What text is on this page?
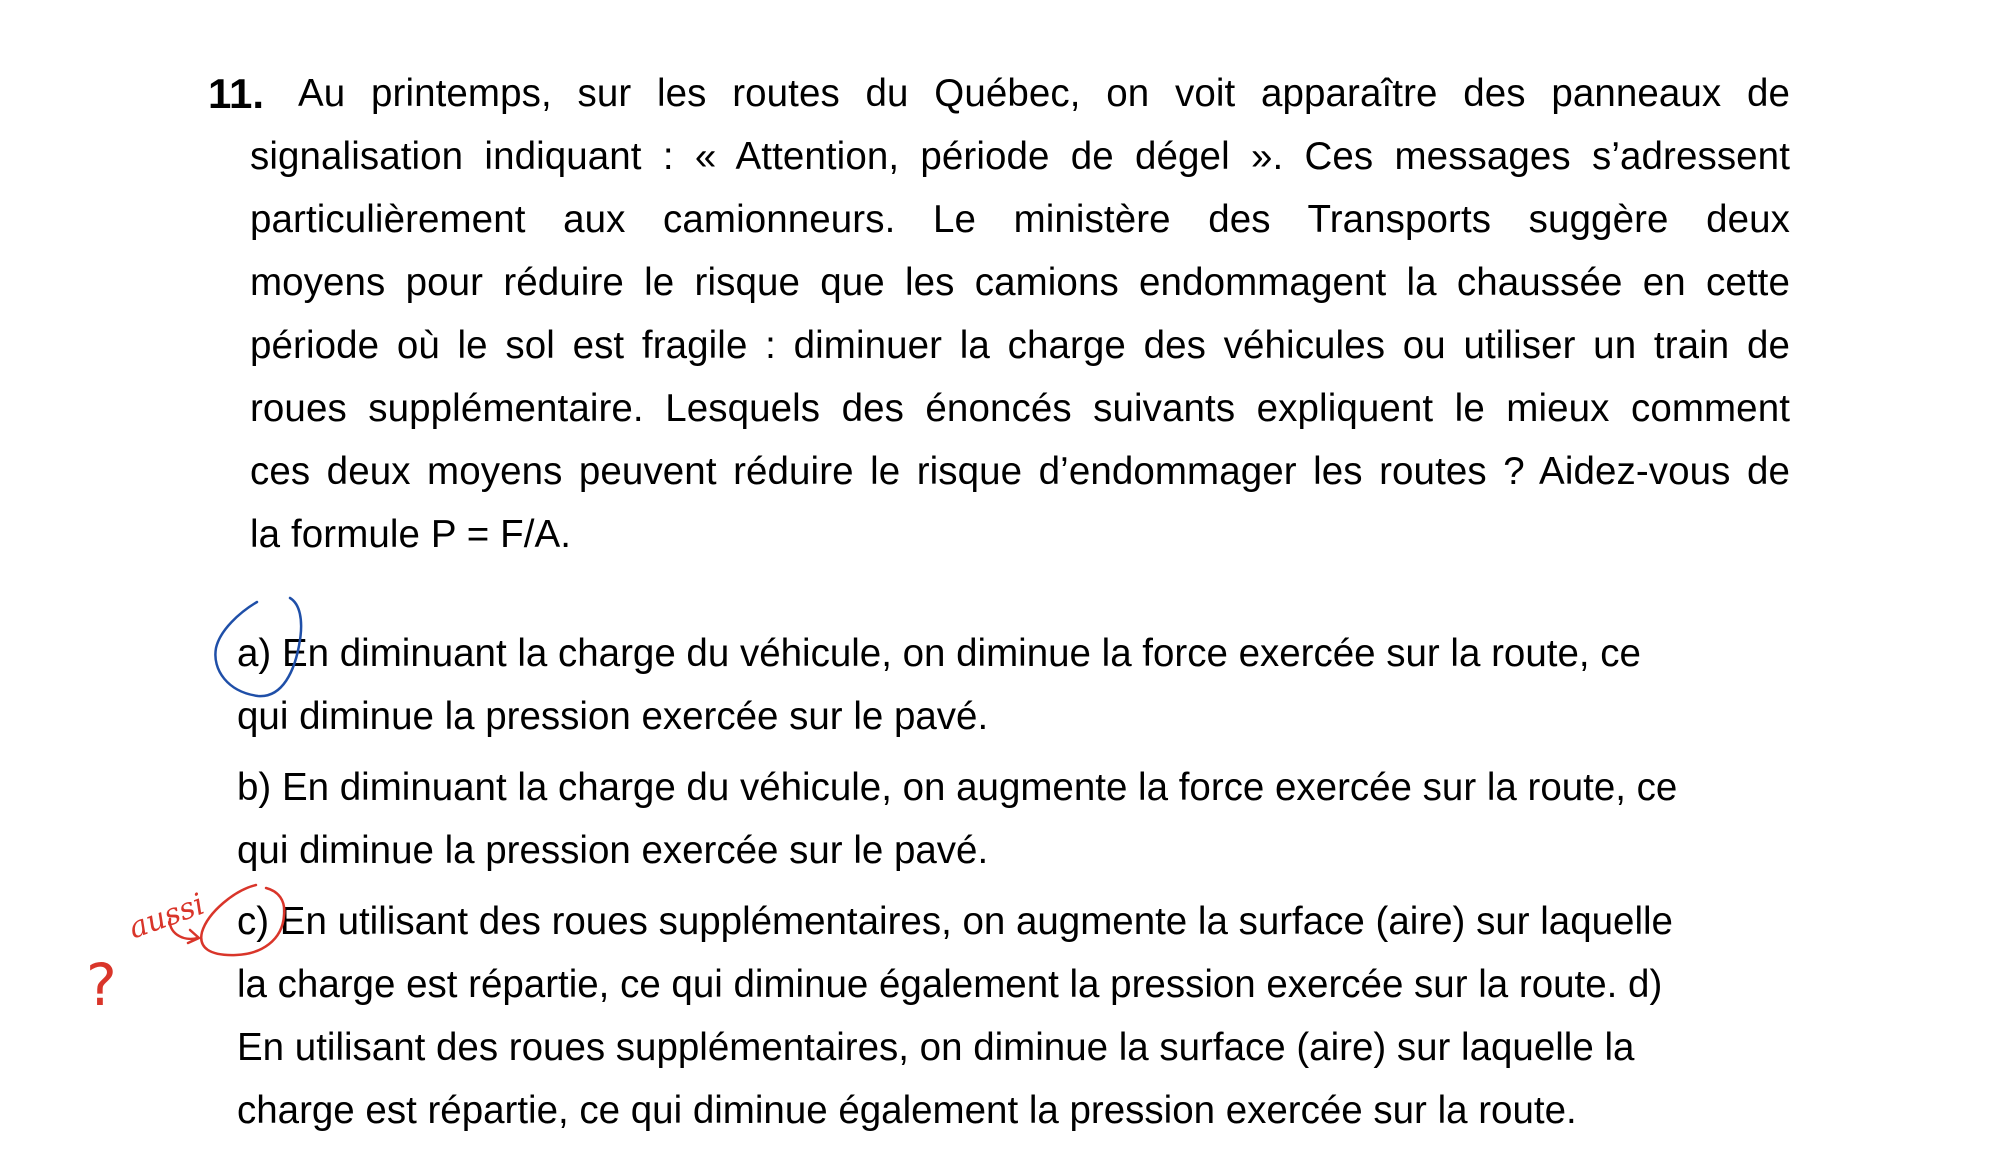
11. Au printemps, sur les routes du Québec, on voit apparaître des panneaux de
signalisation indiquant : « Attention, période de dégel ». Ces messages s’adressent
particulièrement aux camionneurs. Le ministère des Transports suggère deux
moyens pour réduire le risque que les camions endommagent la chaussée en cette
période où le sol est fragile : diminuer la charge des véhicules ou utiliser un train de
roues supplémentaire. Lesquels des énoncés suivants expliquent le mieux comment
ces deux moyens peuvent réduire le risque d’endommager les routes ? Aidez-vous de
la formule P = F/A.
a) En diminuant la charge du véhicule, on diminue la force exercée sur la route, ce
qui diminue la pression exercée sur le pavé.
b) En diminuant la charge du véhicule, on augmente la force exercée sur la route, ce
qui diminue la pression exercée sur le pavé.
c) En utilisant des roues supplémentaires, on augmente la surface (aire) sur laquelle
la charge est répartie, ce qui diminue également la pression exercée sur la route. d)
En utilisant des roues supplémentaires, on diminue la surface (aire) sur laquelle la
charge est répartie, ce qui diminue également la pression exercée sur la route.
aussi
?
